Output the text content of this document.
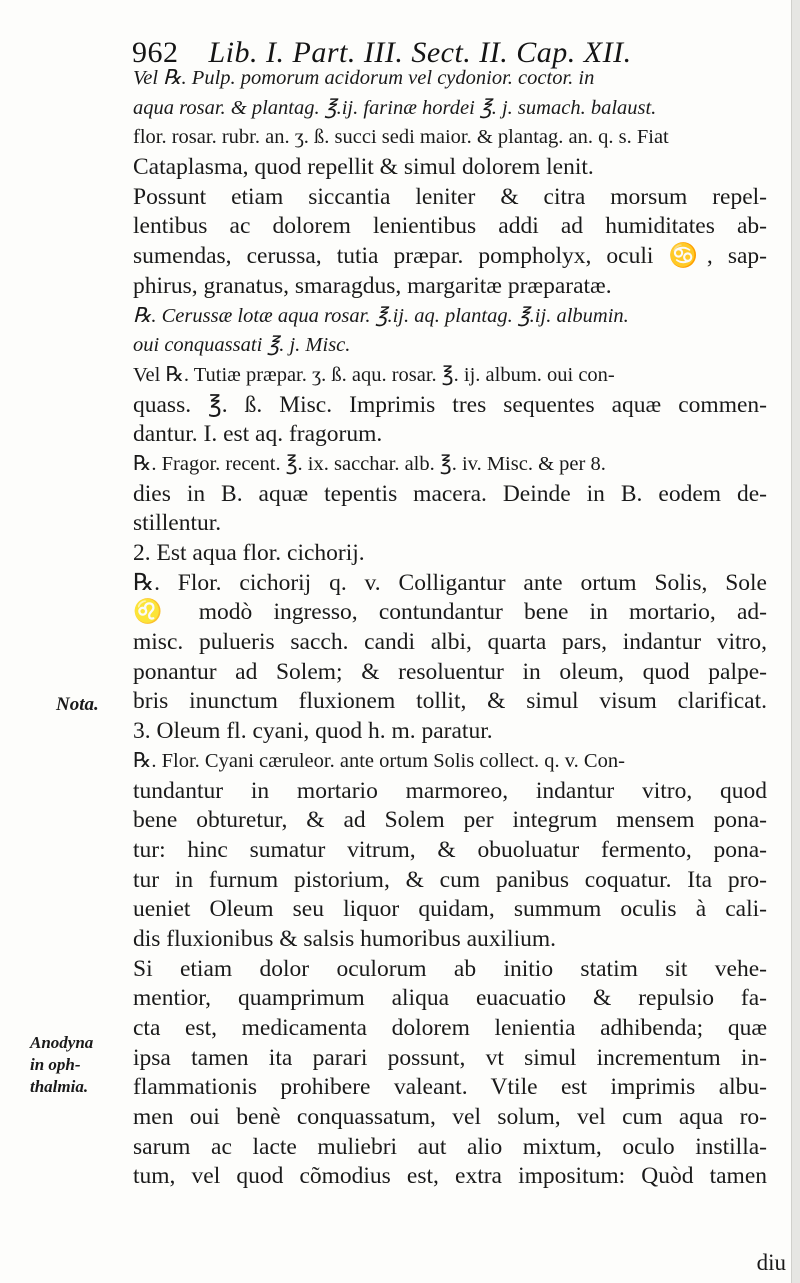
962 Lib. I. Part. III. Sect. II. Cap. XII.
Vel ℞. Pulp. pomorum acidorum vel cydonior. coctor. in
aqua rosar. & plantag. ℥.ij. farinæ hordei ℥. j. sumach. balaust.
flor. rosar. rubr. an. ʒ. ß. succi sedi maior. & plantag. an. q. s. Fiat
Cataplasma, quod repellit & simul dolorem lenit.
Possunt etiam siccantia leniter & citra morsum repel-
lentibus ac dolorem lenientibus addi ad humiditates ab-
sumendas, cerussa, tutia præpar. pompholyx, oculi ♋, sap-
phirus, granatus, smaragdus, margaritæ præparatæ.
℞. Cerussæ lotæ aqua rosar. ℥.ij. aq. plantag. ℥.ij. albumin.
oui conquassati ℥. j. Misc.
Vel ℞. Tutiæ præpar. ʒ. ß. aqu. rosar. ℥. ij. album. oui con-
quass. ℥. ß. Misc. Imprimis tres sequentes aquæ commen-
dantur. I. est aq. fragorum.
℞. Fragor. recent. ℥. ix. sacchar. alb. ℥. iv. Misc. & per 8.
dies in B. aquæ tepentis macera. Deinde in B. eodem de-
stillentur.
2. Est aqua flor. cichorij.
℞. Flor. cichorij q. v. Colligantur ante ortum Solis, Sole
♌ modò ingresso, contundantur bene in mortario, ad-
misc. pulueris sacch. candi albi, quarta pars, indantur vitro,
ponantur ad Solem; & resoluentur in oleum, quod palpe-
bris inunctum fluxionem tollit, & simul visum clarificat.
3. Oleum fl. cyani, quod h. m. paratur.
℞. Flor. Cyani cæruleor. ante ortum Solis collect. q. v. Con-
tundantur in mortario marmoreo, indantur vitro, quod
bene obturetur, & ad Solem per integrum mensem pona-
tur: hinc sumatur vitrum, & obuoluatur fermento, pona-
tur in furnum pistorium, & cum panibus coquatur. Ita pro-
ueniet Oleum seu liquor quidam, summum oculis à cali-
dis fluxionibus & salsis humoribus auxilium.
Si etiam dolor oculorum ab initio statim sit vehe-
mentior, quamprimum aliqua euacuatio & repulsio fa-
cta est, medicamenta dolorem lenientia adhibenda; quæ
ipsa tamen ita parari possunt, vt simul incrementum in-
flammationis prohibere valeant. Vtile est imprimis albu-
men oui benè conquassatum, vel solum, vel cum aqua ro-
sarum ac lacte muliebri aut alio mixtum, oculo instilla-
tum, vel quod cõmodius est, extra impositum: Quòd tamen
Nota.
Anodyna
in oph-
thalmia.
diu
